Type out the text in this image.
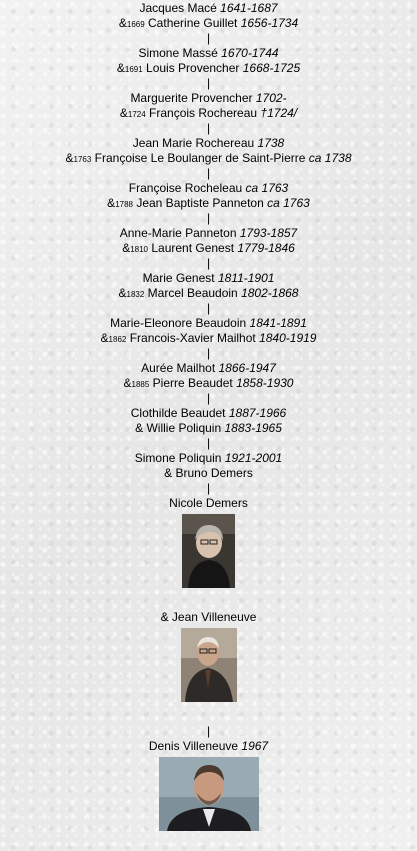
Jacques Macé 1641-1687
&1669 Catherine Guillet 1656-1734
|
Simone Massé 1670-1744
&1691 Louis Provencher 1668-1725
|
Marguerite Provencher 1702-
&1724 François Rochereau †1724/
|
Jean Marie Rochereau 1738
&1763 Françoise Le Boulanger de Saint-Pierre ca 1738
|
Françoise Rocheleau ca 1763
&1788 Jean Baptiste Panneton ca 1763
|
Anne-Marie Panneton 1793-1857
&1810 Laurent Genest 1779-1846
|
Marie Genest 1811-1901
&1832 Marcel Beaudoin 1802-1868
|
Marie-Eleonore Beaudoin 1841-1891
&1862 Francois-Xavier Mailhot 1840-1919
|
Aurée Mailhot 1866-1947
&1885 Pierre Beaudet 1858-1930
|
Clothilde Beaudet 1887-1966
& Willie Poliquin 1883-1965
|
Simone Poliquin 1921-2001
& Bruno Demers
|
Nicole Demers
& Jean Villeneuve
|
Denis Villeneuve 1967
